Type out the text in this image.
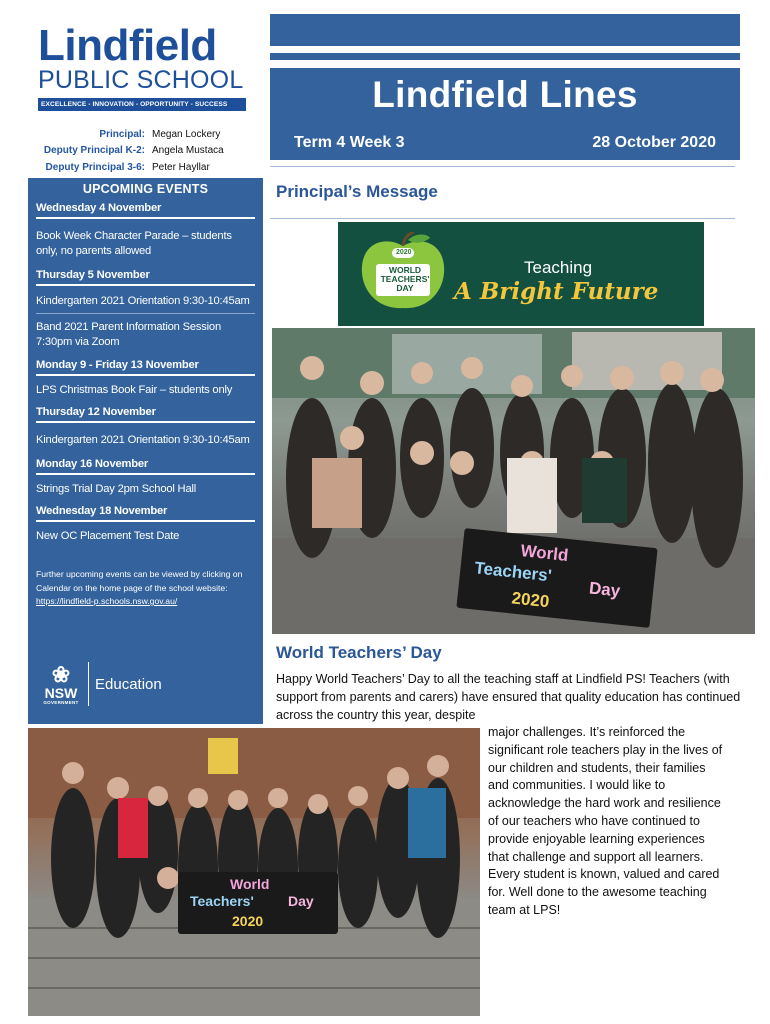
Lindfield
PUBLIC SCHOOL
EXCELLENCE - INNOVATION - OPPORTUNITY - SUCCESS
Principal: Megan Lockery
Deputy Principal K-2: Angela Mustaca
Deputy Principal 3-6: Peter Hayllar
UPCOMING EVENTS
Wednesday 4 November
Book Week Character Parade – students only, no parents allowed
Thursday 5 November
Kindergarten 2021 Orientation 9:30-10:45am
Band 2021 Parent Information Session 7:30pm via Zoom
Monday 9 - Friday 13 November
LPS Christmas Book Fair – students only
Thursday 12 November
Kindergarten 2021 Orientation 9:30-10:45am
Monday 16 November
Strings Trial Day 2pm School Hall
Wednesday 18 November
New OC Placement Test Date
Further upcoming events can be viewed by clicking on Calendar on the home page of the school website: https://lindfield-p.schools.nsw.gov.au/
❀
NSW
GOVERNMENT
Education
Lindfield Lines
Term 4 Week 3	28 October 2020
Principal’s Message
2020
WORLD TEACHERS' DAY
Teaching
A Bright Future
World
Teachers'
Day
2020
World Teachers’ Day
Happy World Teachers’ Day to all the teaching staff at Lindfield PS! Teachers (with support from parents and carers) have ensured that quality education has continued across the country this year, despite
major challenges. It’s reinforced the significant role teachers play in the lives of our children and students, their families and communities. I would like to acknowledge the hard work and resilience of our teachers who have continued to provide enjoyable learning experiences that challenge and support all learners. Every student is known, valued and cared for. Well done to the awesome teaching team at LPS!
World
Teachers' Day
2020
